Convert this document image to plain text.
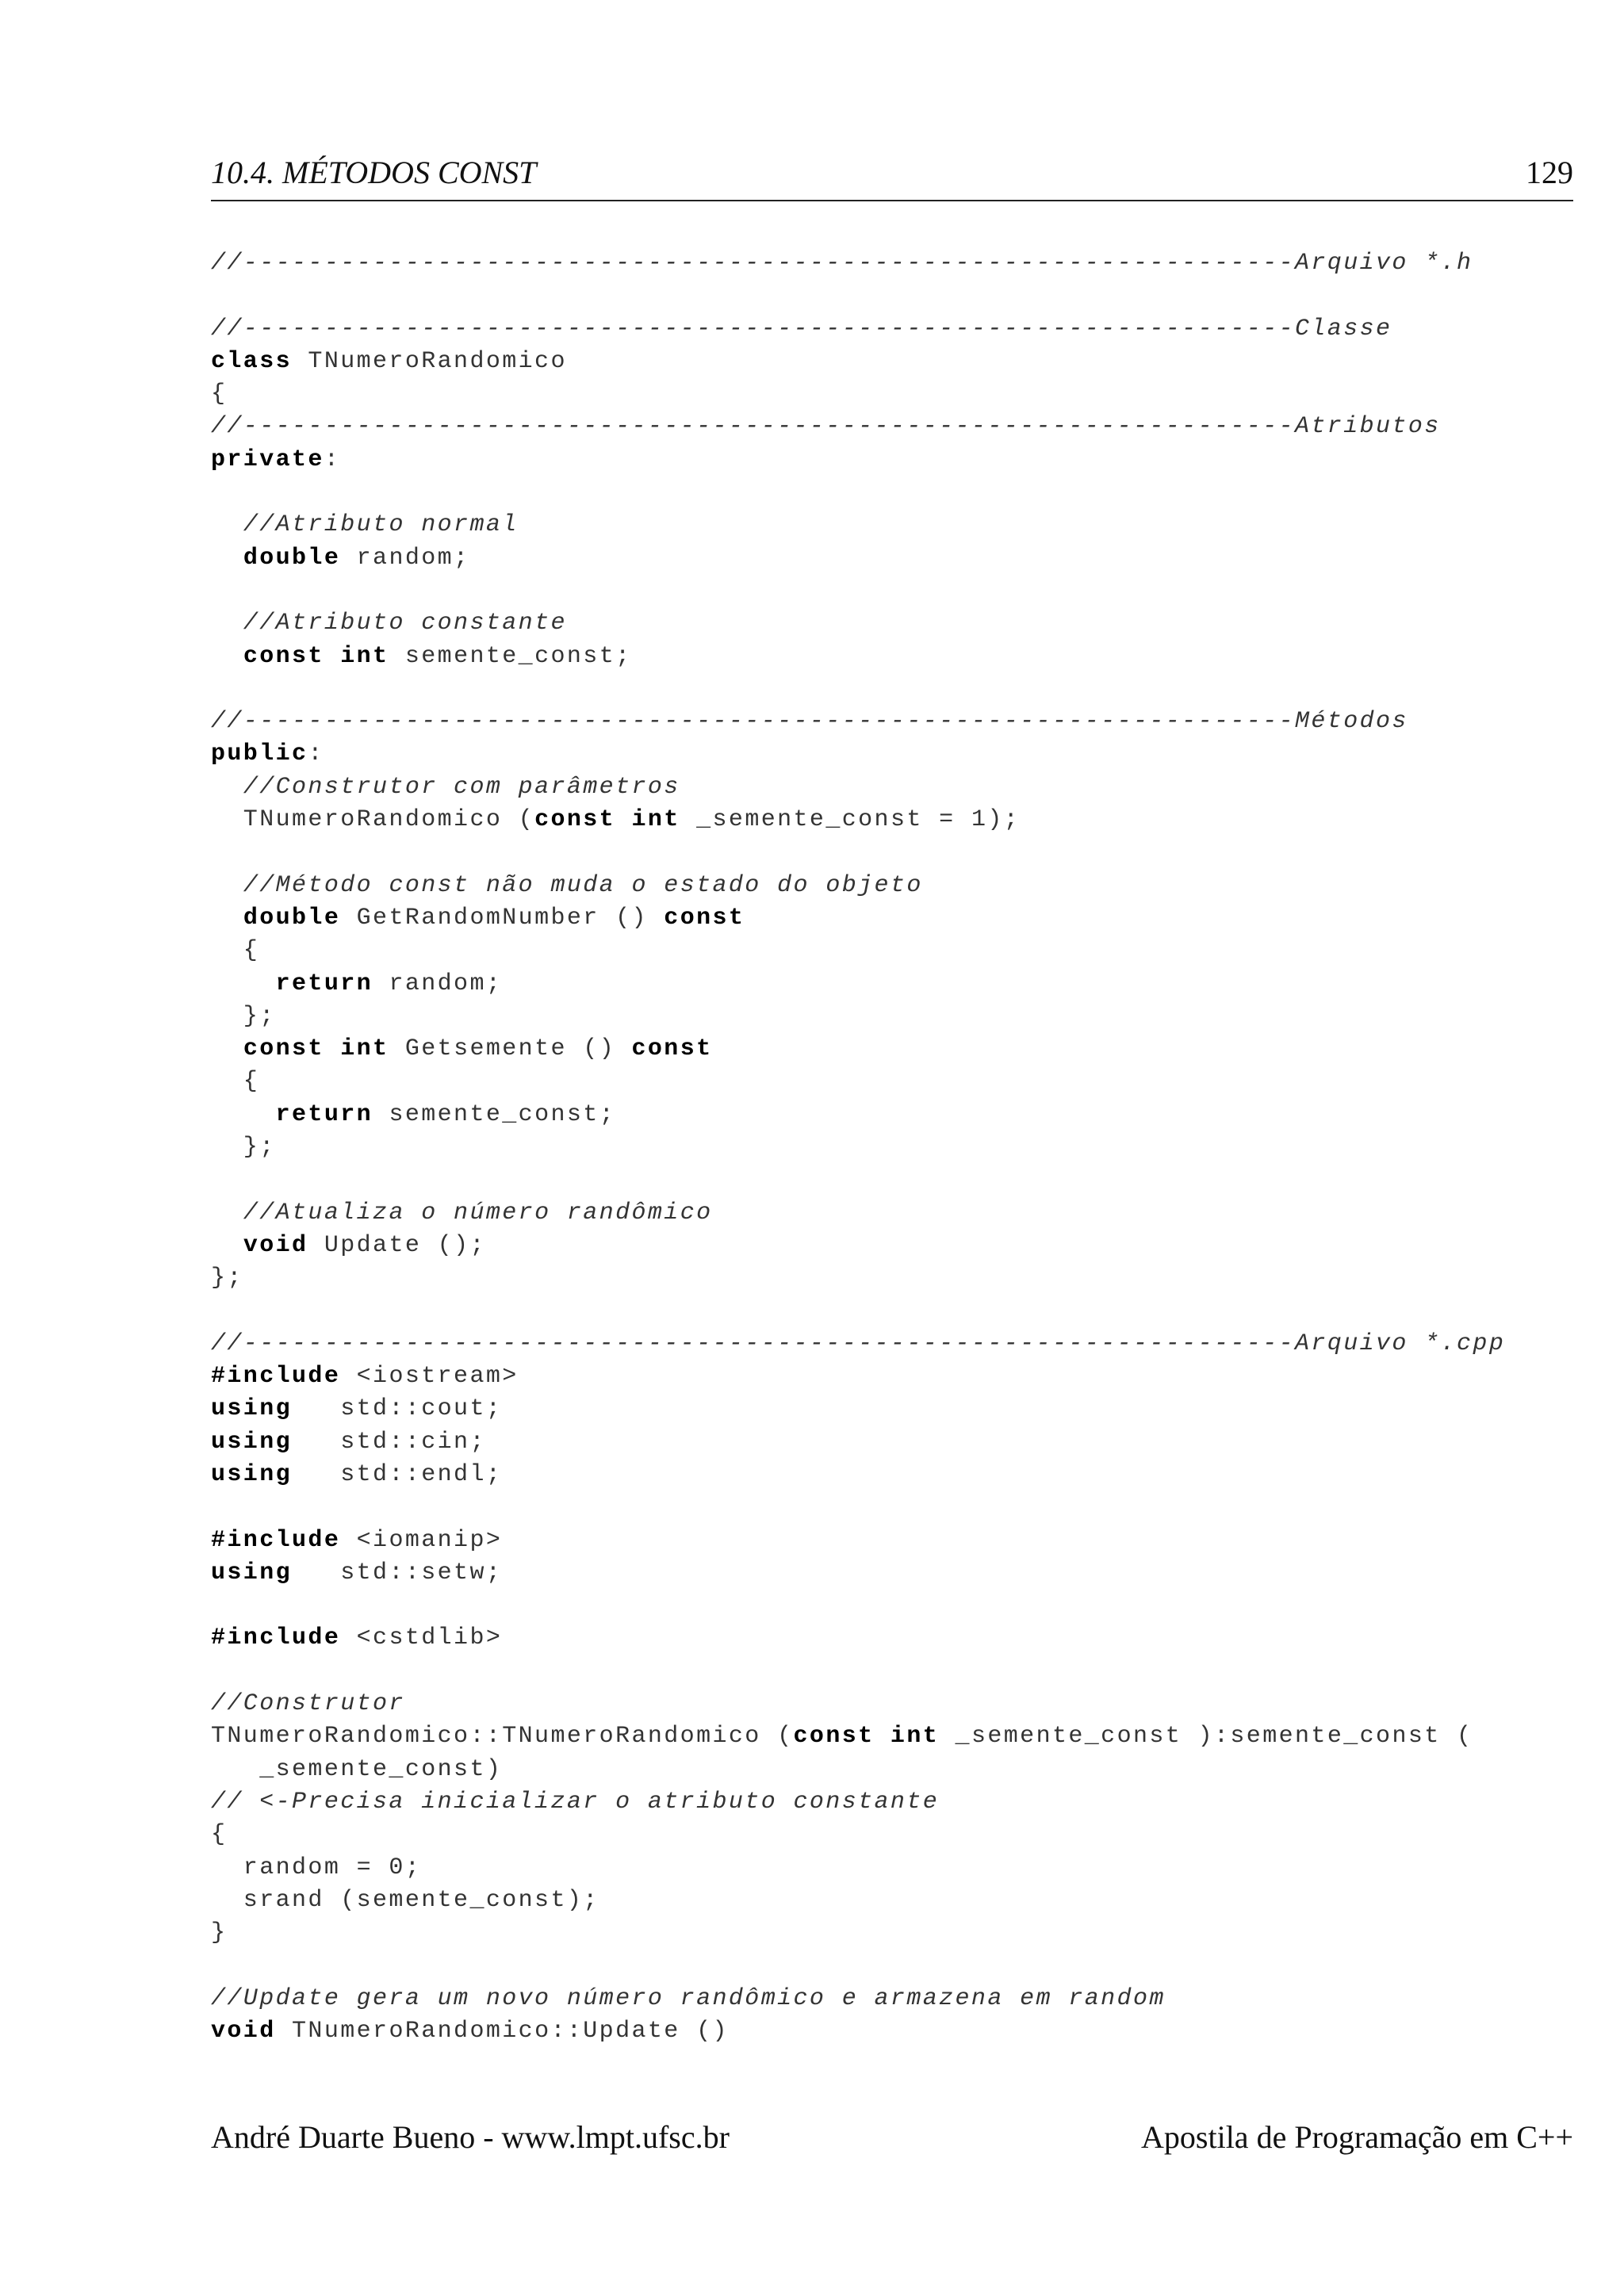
10.4. MÉTODOS CONST	129
//-----------------------------------------------------------------Arquivo *.h

//-----------------------------------------------------------------Classe
class TNumeroRandomico
{
//-----------------------------------------------------------------Atributos
private:

//Atributo normal
double random;

//Atributo constante
const int semente_const;

//-----------------------------------------------------------------Métodos
public:
//Construtor com parâmetros
TNumeroRandomico (const int _semente_const = 1);

//Método const não muda o estado do objeto
double GetRandomNumber () const
{
return random;
};
const int Getsemente () const
{
return semente_const;
};

//Atualiza o número randômico
void Update ();
};

//-----------------------------------------------------------------Arquivo *.cpp
#include <iostream>
using   std::cout;
using   std::cin;
using   std::endl;

#include <iomanip>
using   std::setw;

#include <cstdlib>

//Construtor
TNumeroRandomico::TNumeroRandomico (const int _semente_const ):semente_const (
_semente_const)
// <-Precisa inicializar o atributo constante
{
random = 0;
srand (semente_const);
}

//Update gera um novo número randômico e armazena em random
void TNumeroRandomico::Update ()
André Duarte Bueno - www.lmpt.ufsc.br	Apostila de Programação em C++
